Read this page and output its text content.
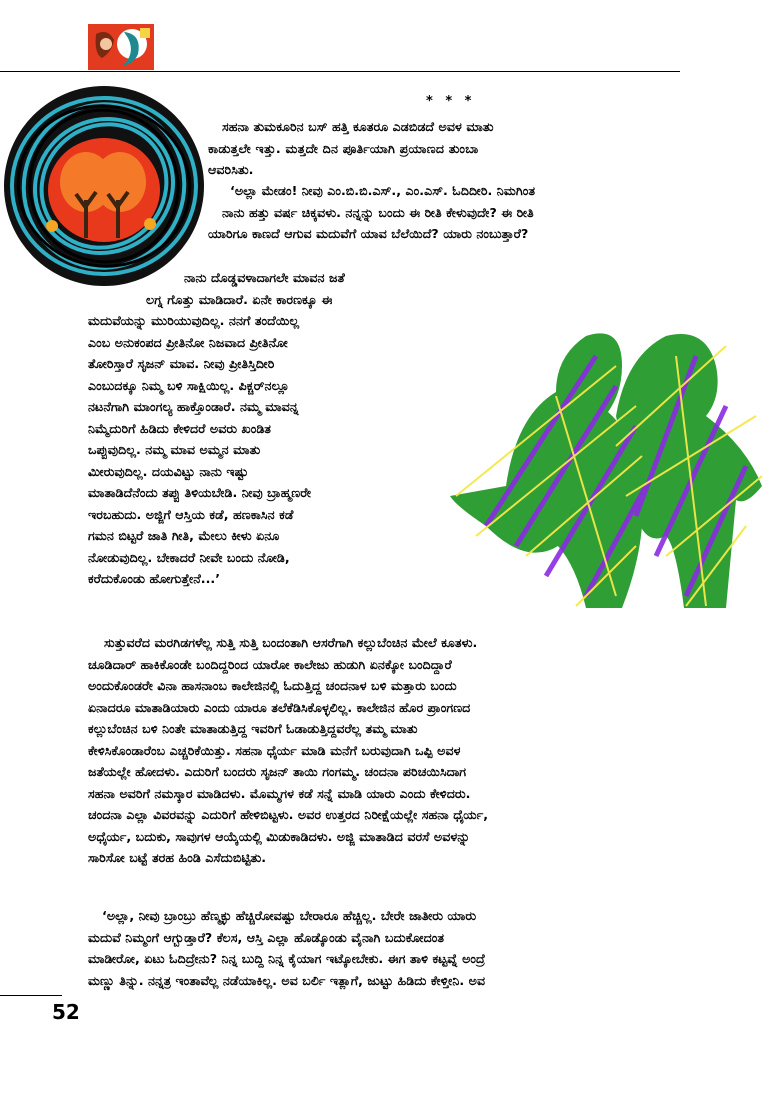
* * *

ಸಹನಾ ತುಮಕೂರಿನ ಬಸ್ ಹತ್ತಿ ಕೂತರೂ ಎಡಬಿಡದೆ ಅವಳ ಮಾತು

ಕಾಡುತ್ತಲೇ ಇತ್ತು. ಮತ್ತದೇ ದಿನ ಪೂರ್ತಿಯಾಗಿ ಪ್ರಯಾಣದ ತುಂಬಾ

ಆವರಿಸಿತು.

‘ಅಲ್ಲಾ ಮೇಡಂ! ನೀವು ಎಂ.ಬಿ.ಬಿ.ಎಸ್., ಎಂ.ಎಸ್. ಓದಿದೀರಿ. ನಿಮಗಿಂತ

ನಾನು ಹತ್ತು ವರ್ಷ ಚಿಕ್ಕವಳು. ನನ್ನನ್ನು ಬಂದು ಈ ರೀತಿ ಕೇಳುವುದೇ? ಈ ರೀತಿ

ಯಾರಿಗೂ ಕಾಣದೆ ಆಗುವ ಮದುವೆಗೆ ಯಾವ ಬೆಲೆಯಿದೆ? ಯಾರು ನಂಬುತ್ತಾರೆ?

ನಾನು ದೊಡ್ಡವಳಾದಾಗಲೇ ಮಾವನ ಜತೆ

ಲಗ್ನ ಗೊತ್ತು ಮಾಡಿದಾರೆ. ಏನೇ ಕಾರಣಕ್ಕೂ ಈ

ಮದುವೆಯನ್ನು ಮುರಿಯುವುದಿಲ್ಲ. ನನಗೆ ತಂದೆಯಿಲ್ಲ

ಎಂಬ ಅನುಕಂಪದ ಪ್ರೀತಿನೋ ನಿಜವಾದ ಪ್ರೀತಿನೋ

ತೋರಿಸ್ತಾರೆ ಸೃಜನ್ ಮಾವ. ನೀವು ಪ್ರೀತಿಸ್ತಿದೀರಿ

ಎಂಬುದಕ್ಕೂ ನಿಮ್ಮ ಬಳಿ ಸಾಕ್ಷಿಯಿಲ್ಲ. ಪಿಕ್ಚರ್‌ನಲ್ಲೂ

ನಟನೆಗಾಗಿ ಮಾಂಗಲ್ಯ ಹಾಕ್ತೊಂಡಾರೆ. ನಮ್ಮ ಮಾವನ್ನ

ನಿಮ್ಮೆದುರಿಗೆ ಹಿಡಿದು ಕೇಳಿದರೆ ಅವರು ಖಂಡಿತ

ಒಪ್ಪುವುದಿಲ್ಲ. ನಮ್ಮ ಮಾವ ಅಮ್ಮನ ಮಾತು

ಮೀರುವುದಿಲ್ಲ. ದಯವಿಟ್ಟು ನಾನು ಇಷ್ಟು

ಮಾತಾಡಿದೆನೆಂದು ತಪ್ಪು ತಿಳಿಯಬೇಡಿ. ನೀವು ಬ್ರಾಹ್ಮಣರೇ

ಇರಬಹುದು. ಅಜ್ಜಿಗೆ ಆಸ್ತಿಯ ಕಡೆ, ಹಣಕಾಸಿನ ಕಡೆ

ಗಮನ ಬಿಟ್ಟರೆ ಜಾತಿ ಗೀತಿ, ಮೇಲು ಕೀಳು ಏನೂ

ನೋಡುವುದಿಲ್ಲ. ಬೇಕಾದರೆ ನೀವೇ ಬಂದು ನೋಡಿ,

ಕರೆದುಕೊಂಡು ಹೋಗುತ್ತೇನೆ...’

ಸುತ್ತುವರೆದ ಮರಗಿಡಗಳೆಲ್ಲ ಸುತ್ತಿ ಸುತ್ತಿ ಬಂದಂತಾಗಿ ಆಸರೆಗಾಗಿ ಕಲ್ಲುಬೆಂಚಿನ ಮೇಲೆ ಕೂತಳು.

ಚೂಡಿದಾರ್ ಹಾಕಿಕೊಂಡೇ ಬಂದಿದ್ದರಿಂದ ಯಾರೋ ಕಾಲೇಜು ಹುಡುಗಿ ಏನಕ್ಕೋ ಬಂದಿದ್ದಾರೆ

ಅಂದುಕೊಂಡರೇ ವಿನಾ ಹಾಸನಾಂಬ ಕಾಲೇಜಿನಲ್ಲಿ ಓದುತ್ತಿದ್ದ ಚಂದನಾಳ ಬಳಿ ಮತ್ತಾರು ಬಂದು

ಏನಾದರೂ ಮಾತಾಡಿಯಾರು ಎಂದು ಯಾರೂ ತಲೆಕೆಡಿಸಿಕೊಳ್ಳಲಿಲ್ಲ. ಕಾಲೇಜಿನ ಹೊರ ಪ್ರಾಂಗಣದ

ಕಲ್ಲುಬೆಂಚಿನ ಬಳಿ ನಿಂತೇ ಮಾತಾಡುತ್ತಿದ್ದ ಇವರಿಗೆ ಓಡಾಡುತ್ತಿದ್ದವರೆಲ್ಲ ತಮ್ಮ ಮಾತು

ಕೇಳಿಸಿಕೊಂಡಾರೆಂಬ ಎಚ್ಚರಿಕೆಯಿತ್ತು. ಸಹನಾ ಧೈರ್ಯ ಮಾಡಿ ಮನೆಗೆ ಬರುವುದಾಗಿ ಒಪ್ಪಿ ಅವಳ

ಜತೆಯಲ್ಲೇ ಹೋದಳು. ಎದುರಿಗೆ ಬಂದರು ಸೃಜನ್ ತಾಯಿ ಗಂಗಮ್ಮ. ಚಂದನಾ ಪರಿಚಯಿಸಿದಾಗ

ಸಹನಾ ಅವರಿಗೆ ನಮಸ್ಕಾರ ಮಾಡಿದಳು. ಮೊಮ್ಮಗಳ ಕಡೆ ಸನ್ನೆ ಮಾಡಿ ಯಾರು ಎಂದು ಕೇಳಿದರು.

ಚಂದನಾ ಎಲ್ಲಾ ವಿವರವನ್ನು ಎದುರಿಗೆ ಹೇಳಿಬಿಟ್ಟಳು. ಅವರ ಉತ್ತರದ ನಿರೀಕ್ಷೆಯಲ್ಲೇ ಸಹನಾ ಧೈರ್ಯ,

ಅಧೈರ್ಯ, ಬದುಕು, ಸಾವುಗಳ ಆಯ್ಕೆಯಲ್ಲಿ ಮಿಡುಕಾಡಿದಳು. ಅಜ್ಜಿ ಮಾತಾಡಿದ ವರಸೆ ಅವಳನ್ನು

ಸಾರಿಸೋ ಬಟ್ಟೆ ತರಹ ಹಿಂಡಿ ಎಸೆದುಬಿಟ್ಟಿತು.

‘ಅಲ್ಲಾ, ನೀವು ಬ್ರಾಂಬ್ರು ಹೆಣ್ಮಕ್ಳು ಹೆಚ್ಚಿರೋವಷ್ಟು ಬೇರಾರೂ ಹೆಚ್ಚಿಲ್ಲ. ಬೇರೇ ಜಾತೀರು ಯಾರು

ಮದುವೆ ನಿಮ್ಮಂಗೆ ಆಗ್ಬುಡ್ತಾರೆ? ಕೆಲಸ, ಆಸ್ತಿ ಎಲ್ಲಾ ಹೊಡ್ಕೊಂಡು ವೈನಾಗಿ ಬದುಕೋದಂತ

ಮಾಡೀರೋ, ಏಟು ಓದಿದ್ರೇನು? ನಿನ್ನ ಬುದ್ದಿ ನಿನ್ನ ಕೈಯಾಗ ಇಟ್ಕೋಬೇಕು. ಈಗ ತಾಳಿ ಕಟ್ಟವ್ನೆ ಅಂದ್ರೆ

ಮಣ್ಣು ತಿನ್ನು. ನನ್ನತ್ರ ಇಂತಾವೆಲ್ಲ ನಡೆಯಾಕಿಲ್ಲ. ಅವ ಬರ್ಲಿ ಇತ್ಲಾಗೆ, ಜುಟ್ಟು ಹಿಡಿದು ಕೇಳ್ತೀನಿ. ಅವ

52
